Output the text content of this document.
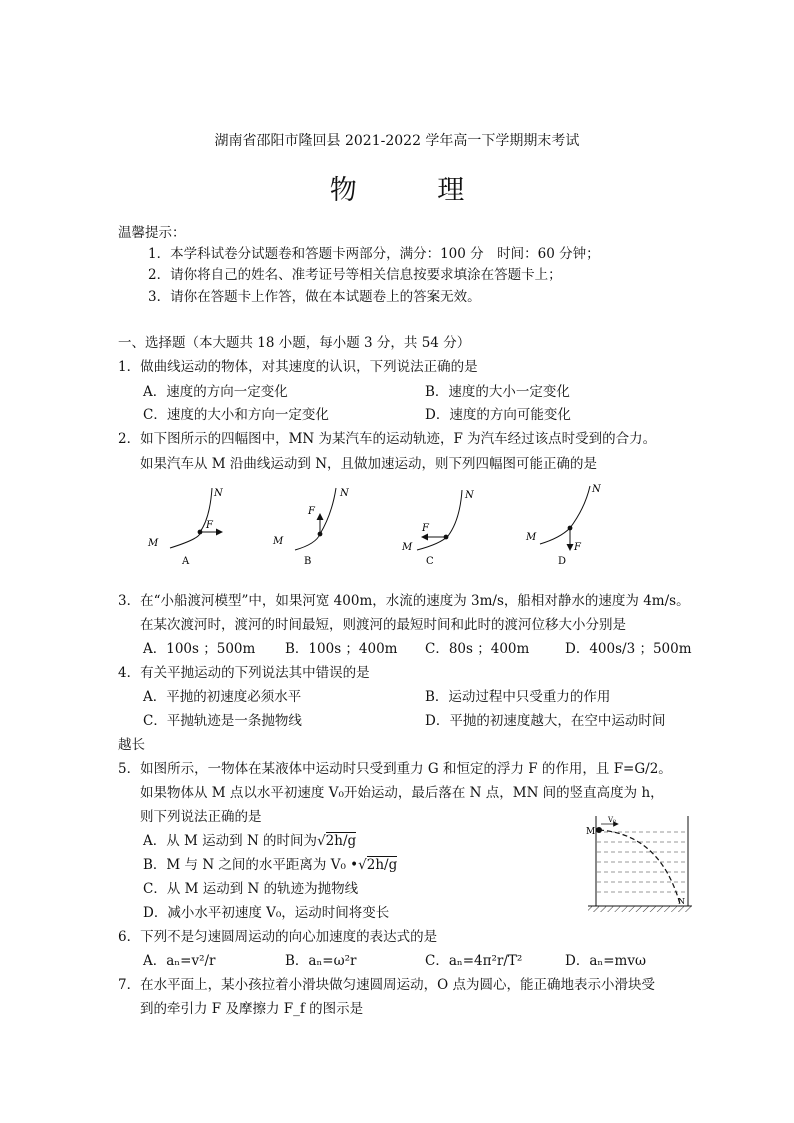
湖南省邵阳市隆回县 2021-2022 学年高一下学期期末考试
物 理
温馨提示：
1．本学科试卷分试题卷和答题卡两部分，满分：100 分　时间：60 分钟；
2．请你将自己的姓名、准考证号等相关信息按要求填涂在答题卡上；
3．请你在答题卡上作答，做在本试题卷上的答案无效。
一、选择题（本大题共 18 小题，每小题 3 分，共 54 分）
1．做曲线运动的物体，对其速度的认识，下列说法正确的是
A．速度的方向一定变化	B．速度的大小一定变化
C．速度的大小和方向一定变化	D．速度的方向可能变化
2．如下图所示的四幅图中，MN 为某汽车的运动轨迹，F 为汽车经过该点时受到的合力。
如果汽车从 M 沿曲线运动到 N，且做加速运动，则下列四幅图可能正确的是
F
M
N
A
F
M
N
B
F
M
N
C
F
M
N
D
3．在“小船渡河模型”中，如果河宽 400m，水流的速度为 3m/s，船相对静水的速度为 4m/s。
在某次渡河时，渡河的时间最短，则渡河的最短时间和此时的渡河位移大小分别是
A．100s ；500m B．100s ；400m C．80s ；400m	D．400s/3 ；500m
4．有关平抛运动的下列说法其中错误的是
A．平抛的初速度必须水平	B．运动过程中只受重力的作用
C．平抛轨迹是一条抛物线	D．平抛的初速度越大，在空中运动时间
越长
5．如图所示，一物体在某液体中运动时只受到重力 G 和恒定的浮力 F 的作用，且 F=G/2。
如果物体从 M 点以水平初速度 V₀开始运动，最后落在 N 点，MN 间的竖直高度为 h，
则下列说法正确的是
A．从 M 运动到 N 的时间为√2h/g
B．M 与 N 之间的水平距离为 V₀ •√2h/g
C．从 M 运动到 N 的轨迹为抛物线
D．减小水平初速度 V₀，运动时间将变长
M
V₀
N
6．下列不是匀速圆周运动的向心加速度的表达式的是
A．aₙ=v²/r	B．aₙ=ω²r	C．aₙ=4π²r/T²	D．aₙ=mvω
7．在水平面上，某小孩拉着小滑块做匀速圆周运动，O 点为圆心，能正确地表示小滑块受
到的牵引力 F 及摩擦力 F_f 的图示是
